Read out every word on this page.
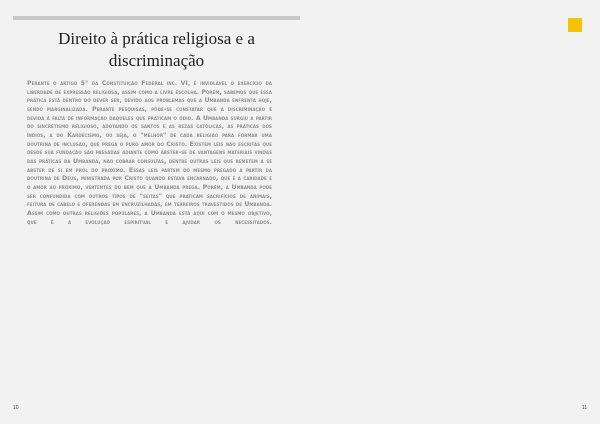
Direito à prática religiosa e a discriminação

Perante o artigo 5° da Constituição Federal inc. VI, é inviolável o exercício da liberdade de expressão religiosa, assim como a livre escolha. Porém, sabemos que essa prática está dentro do dever ser, devido aos problemas que a Umbanda enfrenta hoje, sendo marginalizada. Perante pesquisas, pôde-se constatar que a discriminação é devida à falta de informação daqueles que praticam o ódio. A Umbanda surgiu a partir do sincretismo religioso, adotando os santos e as rezas católicas, as práticas dos índios, a do Kardecismo, ou seja, o "melhor" de cada religião para formar uma doutrina de inclusão, que prega o puro amor do Cristo. Existem leis não escritas que desde sua fundação são passadas adiante como abster-se de vantagens materiais vindas das práticas da Umbanda, não cobrar consultas, dentre outras leis que remetem a se abster de si em prol do próximo. Essas leis partem do mesmo pregado a partir da doutrina de Deus, ministrada por Cristo quando estava encarnado, que é a caridade e o amor ao próximo, vertentes do bem que a Umbanda prega. Porém, a Umbanda pode ser confundida com outros tipos de "seitas" que praticam sacrifícios de animais, feitura de cabelo e oferendas em encruzilhadas, em terreiros travestidos de Umbanda. Assim como outras religiões populares, a Umbanda está aqui com o mesmo objetivo, que é a evolução espiritual e ajudar os necessitados.

10	11
